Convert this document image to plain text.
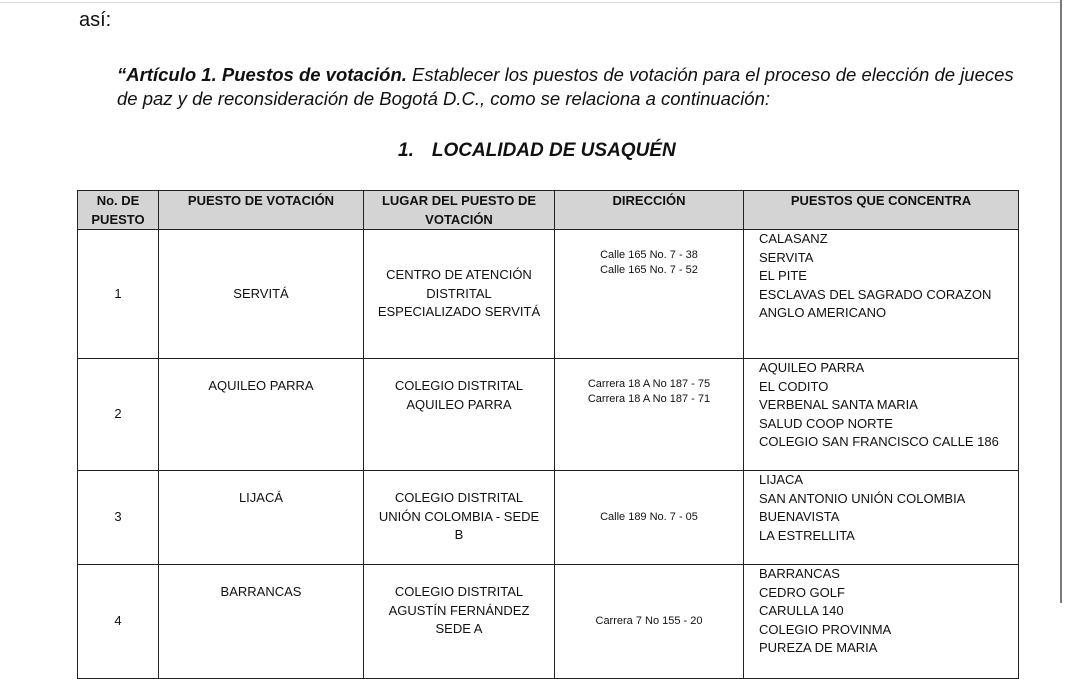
así:
“Artículo 1. Puestos de votación. Establecer los puestos de votación para el proceso de elección de jueces de paz y de reconsideración de Bogotá D.C., como se relaciona a continuación:
1. LOCALIDAD DE USAQUÉN
No. DE PUESTO	PUESTO DE VOTACIÓN	LUGAR DEL PUESTO DE VOTACIÓN	DIRECCIÓN	PUESTOS QUE CONCENTRA
1	SERVITÁ	CENTRO DE ATENCIÓN
DISTRITAL
ESPECIALIZADO SERVITÁ	Calle 165 No. 7 - 38
Calle 165 No. 7 - 52	CALASANZ
SERVITA
EL PITE
ESCLAVAS DEL SAGRADO CORAZON
ANGLO AMERICANO

2	AQUILEO PARRA	COLEGIO DISTRITAL
AQUILEO PARRA	Carrera 18 A No 187 - 75
Carrera 18 A No 187 - 71	AQUILEO PARRA
EL CODITO
VERBENAL SANTA MARIA
SALUD COOP NORTE
COLEGIO SAN FRANCISCO CALLE 186

3	LIJACÁ	COLEGIO DISTRITAL
UNIÓN COLOMBIA - SEDE
B	Calle 189 No. 7 - 05	LIJACA
SAN ANTONIO UNIÓN COLOMBIA
BUENAVISTA
LA ESTRELLITA

4	BARRANCAS	COLEGIO DISTRITAL
AGUSTÍN FERNÁNDEZ
SEDE A	Carrera 7 No 155 - 20	BARRANCAS
CEDRO GOLF
CARULLA 140
COLEGIO PROVINMA
PUREZA DE MARIA
